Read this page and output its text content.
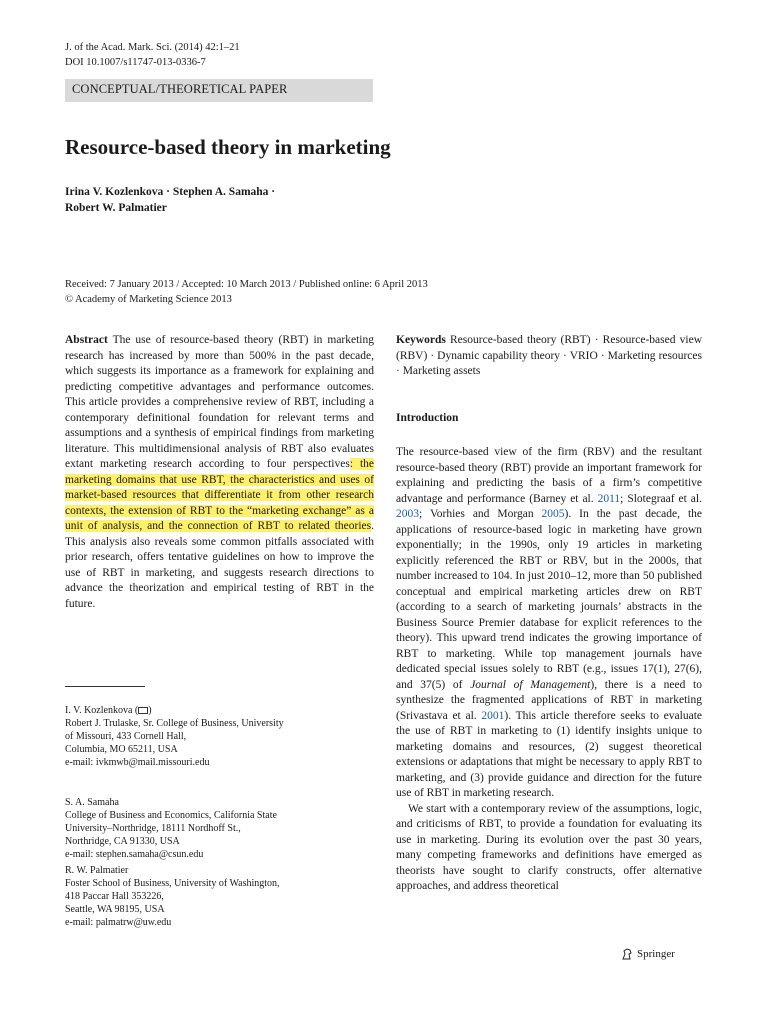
J. of the Acad. Mark. Sci. (2014) 42:1–21
DOI 10.1007/s11747-013-0336-7
CONCEPTUAL/THEORETICAL PAPER
Resource-based theory in marketing
Irina V. Kozlenkova · Stephen A. Samaha ·
Robert W. Palmatier
Received: 7 January 2013 / Accepted: 10 March 2013 / Published online: 6 April 2013
© Academy of Marketing Science 2013
Abstract The use of resource-based theory (RBT) in marketing research has increased by more than 500% in the past decade, which suggests its importance as a framework for explaining and predicting competitive advantages and performance outcomes. This article provides a comprehensive review of RBT, including a contemporary definitional foundation for relevant terms and assumptions and a synthesis of empirical findings from marketing literature. This multidimensional analysis of RBT also evaluates extant marketing research according to four perspectives: the marketing domains that use RBT, the characteristics and uses of market-based resources that differentiate it from other research contexts, the extension of RBT to the “marketing exchange” as a unit of analysis, and the connection of RBT to related theories. This analysis also reveals some common pitfalls associated with prior research, offers tentative guidelines on how to improve the use of RBT in marketing, and suggests research directions to advance the theorization and empirical testing of RBT in the future.
Keywords Resource-based theory (RBT) · Resource-based view (RBV) · Dynamic capability theory · VRIO · Marketing resources · Marketing assets
Introduction

The resource-based view of the firm (RBV) and the resultant resource-based theory (RBT) provide an important framework for explaining and predicting the basis of a firm’s competitive advantage and performance (Barney et al. 2011; Slotegraaf et al. 2003; Vorhies and Morgan 2005). In the past decade, the applications of resource-based logic in marketing have grown exponentially; in the 1990s, only 19 articles in marketing explicitly referenced the RBT or RBV, but in the 2000s, that number increased to 104. In just 2010–12, more than 50 published conceptual and empirical marketing articles drew on RBT (according to a search of marketing journals’ abstracts in the Business Source Premier database for explicit references to the theory). This upward trend indicates the growing importance of RBT to marketing. While top management journals have dedicated special issues solely to RBT (e.g., issues 17(1), 27(6), and 37(5) of Journal of Management), there is a need to synthesize the fragmented applications of RBT in marketing (Srivastava et al. 2001). This article therefore seeks to evaluate the use of RBT in marketing to (1) identify insights unique to marketing domains and resources, (2) suggest theoretical extensions or adaptations that might be necessary to apply RBT to marketing, and (3) provide guidance and direction for the future use of RBT in marketing research.

We start with a contemporary review of the assumptions, logic, and criticisms of RBT, to provide a foundation for evaluating its use in marketing. During its evolution over the past 30 years, many competing frameworks and definitions have emerged as theorists have sought to clarify constructs, offer alternative approaches, and address theoretical

I. V. Kozlenkova ( )
Robert J. Trulaske, Sr. College of Business, University
of Missouri, 433 Cornell Hall,
Columbia, MO 65211, USA
e-mail: ivkmwb@mail.missouri.edu
S. A. Samaha
College of Business and Economics, California State
University–Northridge, 18111 Nordhoff St.,
Northridge, CA 91330, USA
e-mail: stephen.samaha@csun.edu
R. W. Palmatier
Foster School of Business, University of Washington,
418 Paccar Hall 353226,
Seattle, WA 98195, USA
e-mail: palmatrw@uw.edu
Springer
